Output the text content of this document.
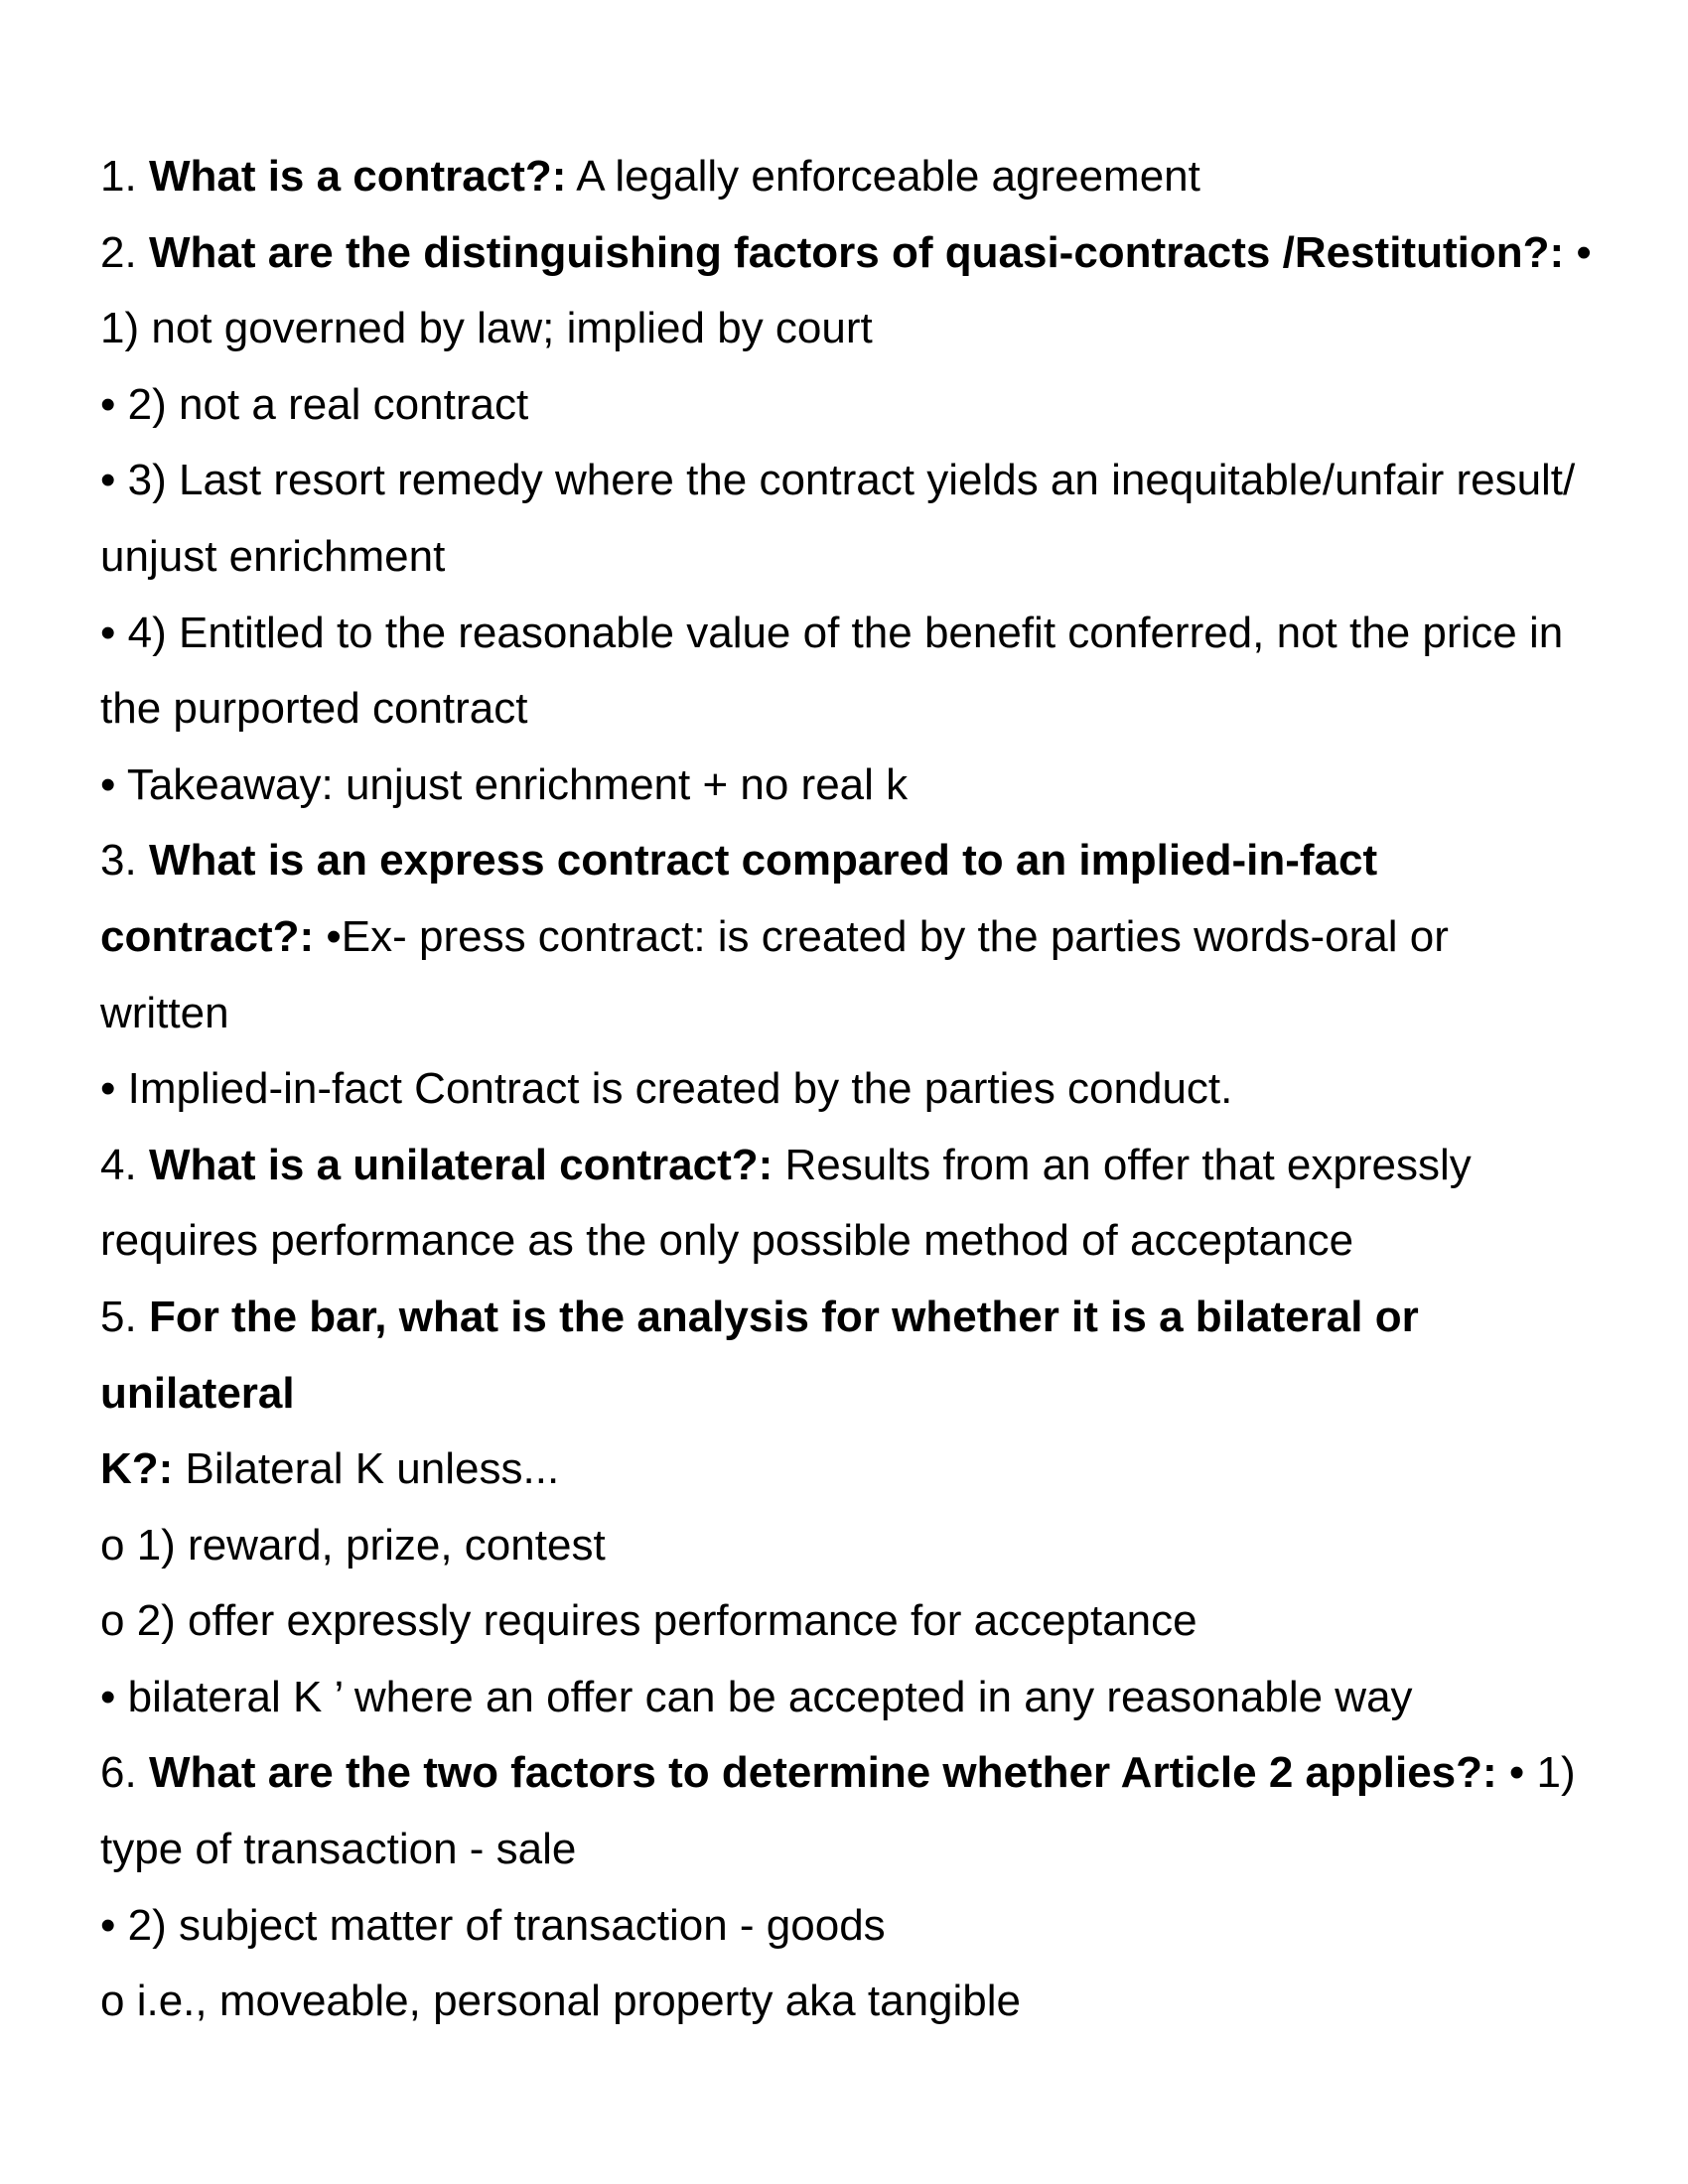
1. What is a contract?: A legally enforceable agreement
2. What are the distinguishing factors of quasi-contracts /Restitution?: •
1) not governed by law; implied by court
• 2) not a real contract
• 3) Last resort remedy where the contract yields an inequitable/unfair result/
unjust enrichment
• 4) Entitled to the reasonable value of the benefit conferred, not the price in
the purported contract
• Takeaway: unjust enrichment + no real k
3. What is an express contract compared to an implied-in-fact
contract?: •Ex- press contract: is created by the parties words-oral or
written
• Implied-in-fact Contract is created by the parties conduct.
4. What is a unilateral contract?: Results from an offer that expressly
requires performance as the only possible method of acceptance
5. For the bar, what is the analysis for whether it is a bilateral or
unilateral
K?: Bilateral K unless...
o 1) reward, prize, contest
o 2) offer expressly requires performance for acceptance
• bilateral K ’ where an offer can be accepted in any reasonable way
6. What are the two factors to determine whether Article 2 applies?: • 1)
type of transaction - sale
• 2) subject matter of transaction - goods
o i.e., moveable, personal property aka tangible
